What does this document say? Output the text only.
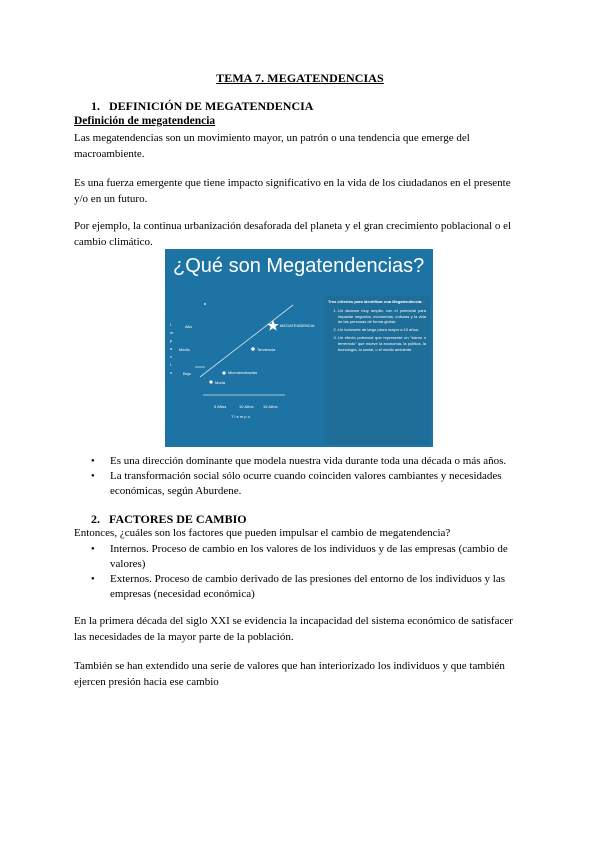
TEMA 7. MEGATENDENCIAS
1. DEFINICIÓN DE MEGATENDENCIA
Definición de megatendencia
Las megatendencias son un movimiento mayor, un patrón o una tendencia que emerge del macroambiente.
Es una fuerza emergente que tiene impacto significativo en la vida de los ciudadanos en el presente y/o en un futuro.
Por ejemplo, la continua urbanización desaforada del planeta y el gran crecimiento poblacional o el cambio climático.
¿Qué son Megatendencias?
I
m
p
a
c
t
o
Alto
Medio
Bajo
Moda
Microtendencias
Tendencia
MEGATENDENCIA
5 Años	10 Años 15 Años
T i e m p o
Tres criterios para identificar una Megatendencia:
1. Un alcance muy amplio, con el potencial para impactar negocios, economías, culturas y la vida de las personas de forma global.
2. Un horizonte de largo plazo mayor a 10 años.
3. Un efecto potencial que represente un "sismo o terremoto" que mueve la economía, la política, la tecnología, lo social, o el medio ambiente.
● Es una dirección dominante que modela nuestra vida durante toda una década o más años.
● La transformación social sólo ocurre cuando coinciden valores cambiantes y necesidades económicas, según Aburdene.
2. FACTORES DE CAMBIO
Entonces, ¿cuáles son los factores que pueden impulsar el cambio de megatendencia?
● Internos. Proceso de cambio en los valores de los individuos y de las empresas (cambio de valores)
● Externos. Proceso de cambio derivado de las presiones del entorno de los individuos y las empresas (necesidad económica)
En la primera década del siglo XXI se evidencia la incapacidad del sistema económico de satisfacer las necesidades de la mayor parte de la población.
También se han extendido una serie de valores que han interiorizado los individuos y que también ejercen presión hacia ese cambio
